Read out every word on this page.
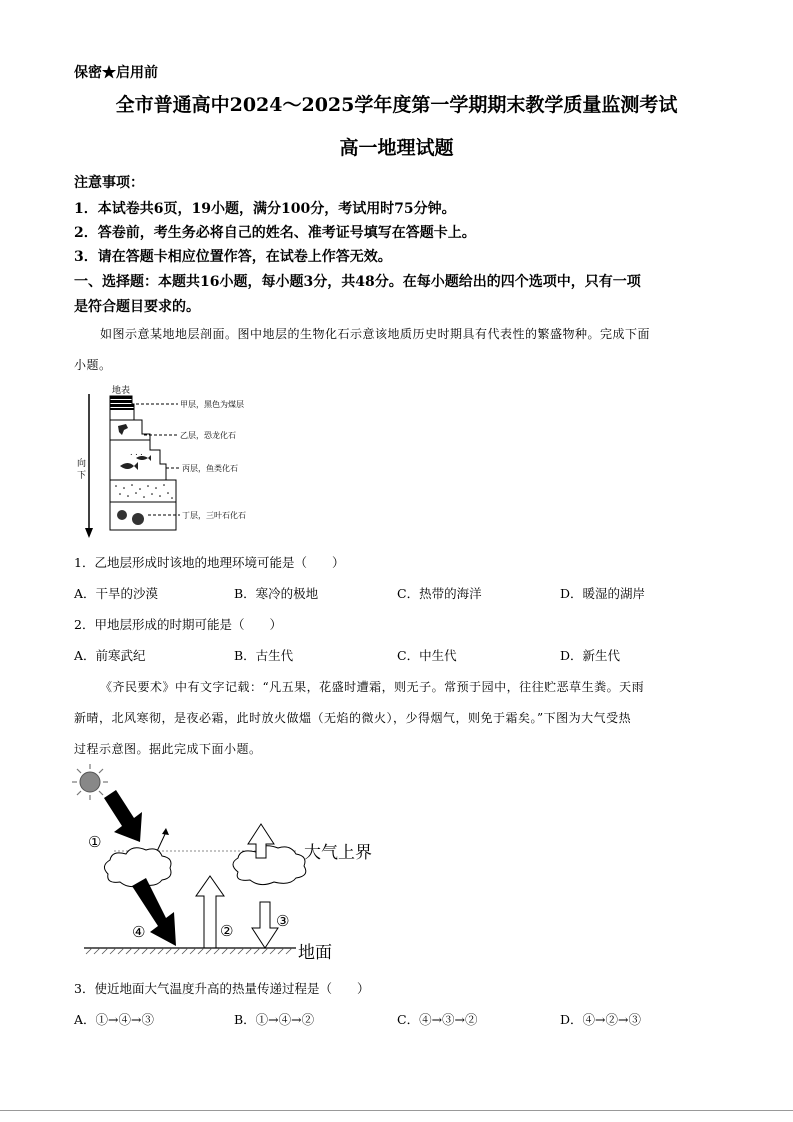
保密★启用前
全市普通高中2024～2025学年度第一学期期末教学质量监测考试
高一地理试题
注意事项：
1．本试卷共6页，19小题，满分100分，考试用时75分钟。
2．答卷前，考生务必将自己的姓名、准考证号填写在答题卡上。
3．请在答题卡相应位置作答，在试卷上作答无效。
一、选择题：本题共16小题，每小题3分，共48分。在每小题给出的四个选项中，只有一项
是符合题目要求的。
如图示意某地地层剖面。图中地层的生物化石示意该地质历史时期具有代表性的繁盛物种。完成下面
小题。
地表
向
下
. . .
甲层，黑色为煤层
乙层，恐龙化石
丙层，鱼类化石
丁层，三叶石化石
1．乙地层形成时该地的地理环境可能是（　　）
A．干旱的沙漠	B．寒冷的极地	C．热带的海洋	D．暖湿的湖岸
2．甲地层形成的时期可能是（　　）
A．前寒武纪	B．古生代	C．中生代	D．新生代
《齐民要术》中有文字记载：“凡五果，花盛时遭霜，则无子。常预于园中，往往贮恶草生粪。天雨
新晴，北风寒彻，是夜必霜，此时放火做熅（无焰的微火），少得烟气，则免于霜矣。”下图为大气受热
过程示意图。据此完成下面小题。
大气上界
①
④	②
③
地面
3．使近地面大气温度升高的热量传递过程是（　　）
A．①→④→③	B．①→④→②	C．④→③→②	D．④→②→③
